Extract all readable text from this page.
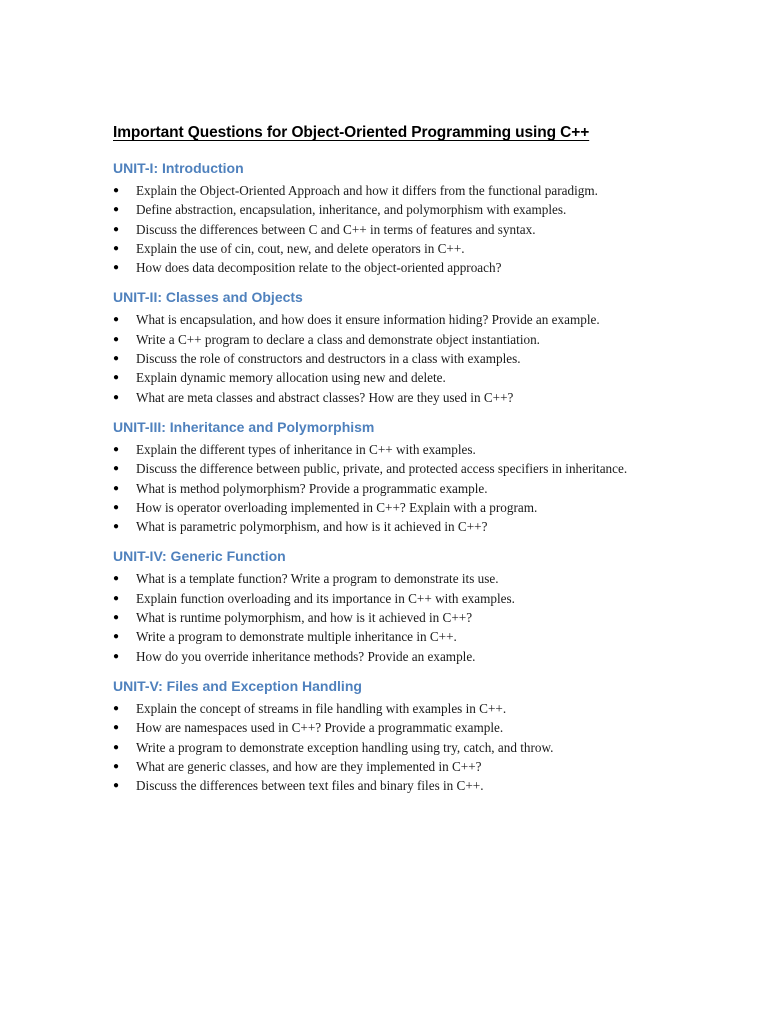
Important Questions for Object-Oriented Programming using C++
UNIT-I: Introduction
● Explain the Object-Oriented Approach and how it differs from the functional paradigm.
● Define abstraction, encapsulation, inheritance, and polymorphism with examples.
● Discuss the differences between C and C++ in terms of features and syntax.
● Explain the use of cin, cout, new, and delete operators in C++.
● How does data decomposition relate to the object-oriented approach?
UNIT-II: Classes and Objects
● What is encapsulation, and how does it ensure information hiding? Provide an example.
● Write a C++ program to declare a class and demonstrate object instantiation.
● Discuss the role of constructors and destructors in a class with examples.
● Explain dynamic memory allocation using new and delete.
● What are meta classes and abstract classes? How are they used in C++?
UNIT-III: Inheritance and Polymorphism
● Explain the different types of inheritance in C++ with examples.
● Discuss the difference between public, private, and protected access specifiers in inheritance.
● What is method polymorphism? Provide a programmatic example.
● How is operator overloading implemented in C++? Explain with a program.
● What is parametric polymorphism, and how is it achieved in C++?
UNIT-IV: Generic Function
● What is a template function? Write a program to demonstrate its use.
● Explain function overloading and its importance in C++ with examples.
● What is runtime polymorphism, and how is it achieved in C++?
● Write a program to demonstrate multiple inheritance in C++.
● How do you override inheritance methods? Provide an example.
UNIT-V: Files and Exception Handling
● Explain the concept of streams in file handling with examples in C++.
● How are namespaces used in C++? Provide a programmatic example.
● Write a program to demonstrate exception handling using try, catch, and throw.
● What are generic classes, and how are they implemented in C++?
● Discuss the differences between text files and binary files in C++.
